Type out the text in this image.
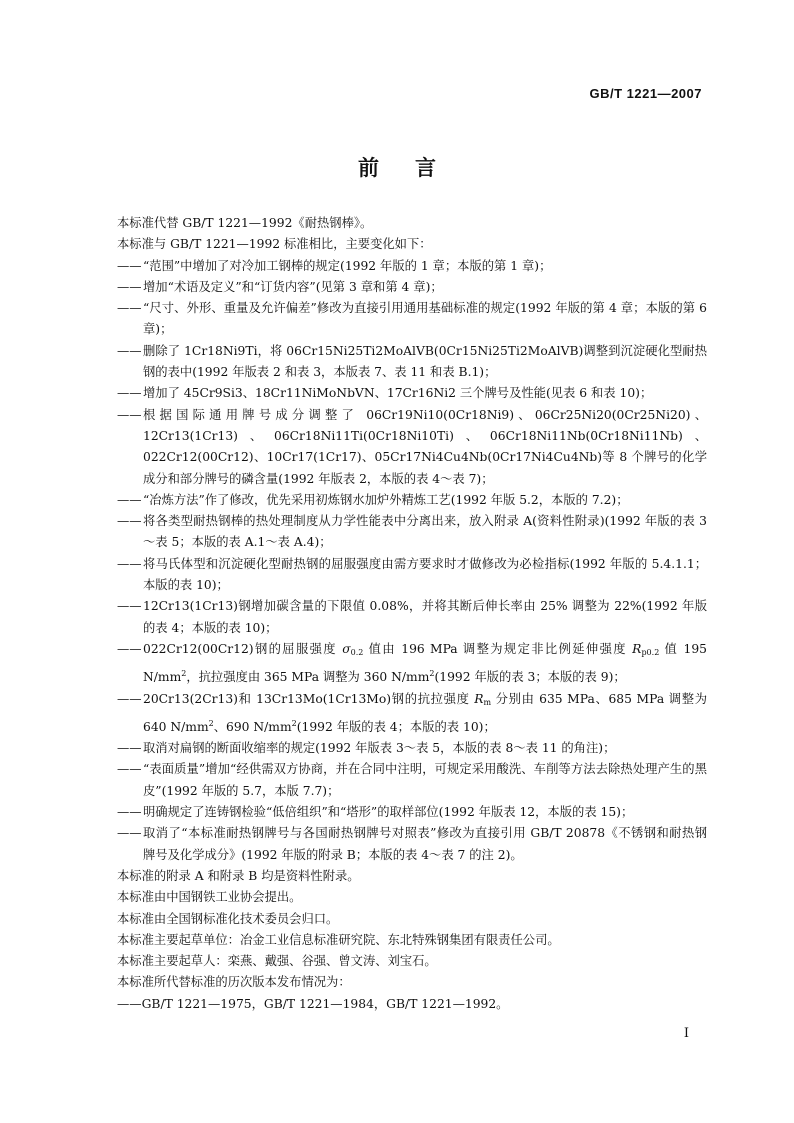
GB/T 1221—2007
前言

本标准代替 GB/T 1221—1992《耐热钢棒》。

本标准与 GB/T 1221—1992 标准相比，主要变化如下：

—— “范围”中增加了对冷加工钢棒的规定(1992 年版的 1 章；本版的第 1 章)；

—— 增加“术语及定义”和“订货内容”(见第 3 章和第 4 章)；

—— “尺寸、外形、重量及允许偏差”修改为直接引用通用基础标准的规定(1992 年版的第 4 章；本版的第 6 章)；

—— 删除了 1Cr18Ni9Ti，将 06Cr15Ni25Ti2MoAlVB(0Cr15Ni25Ti2MoAlVB)调整到沉淀硬化型耐热钢的表中(1992 年版表 2 和表 3，本版表 7、表 11 和表 B.1)；

—— 增加了 45Cr9Si3、18Cr11NiMoNbVN、17Cr16Ni2 三个牌号及性能(见表 6 和表 10)；

—— 根据国际通用牌号成分调整了 06Cr19Ni10(0Cr18Ni9)、06Cr25Ni20(0Cr25Ni20)、12Cr13(1Cr13)、06Cr18Ni11Ti(0Cr18Ni10Ti)、06Cr18Ni11Nb(0Cr18Ni11Nb)、022Cr12(00Cr12)、10Cr17(1Cr17)、05Cr17Ni4Cu4Nb(0Cr17Ni4Cu4Nb)等 8 个牌号的化学成分和部分牌号的磷含量(1992 年版表 2，本版的表 4～表 7)；

—— “冶炼方法”作了修改，优先采用初炼钢水加炉外精炼工艺(1992 年版 5.2，本版的 7.2)；

—— 将各类型耐热钢棒的热处理制度从力学性能表中分离出来，放入附录 A(资料性附录)(1992 年版的表 3～表 5；本版的表 A.1～表 A.4)；

—— 将马氏体型和沉淀硬化型耐热钢的屈服强度由需方要求时才做修改为必检指标(1992 年版的 5.4.1.1；本版的表 10)；

—— 12Cr13(1Cr13)钢增加碳含量的下限值 0.08%，并将其断后伸长率由 25% 调整为 22%(1992 年版的表 4；本版的表 10)；

—— 022Cr12(00Cr12)钢的屈服强度 $\sigma_{0.2}$ 值由 196 MPa 调整为规定非比例延伸强度 $R_{p0.2}$ 值 195 $N/mm^2$，抗拉强度由 365 MPa 调整为 360 $N/mm^2(1992$ 年版的表 3；本版的表 9)；

—— 20Cr13(2Cr13)和 13Cr13Mo(1Cr13Mo)钢的抗拉强度 $R_m$ 分别由 635 MPa、685 MPa 调整为 640 $N/mm^2$、690 $N/mm^2(1992$ 年版的表 4；本版的表 10)；

—— 取消对扁钢的断面收缩率的规定(1992 年版表 3～表 5，本版的表 8～表 11 的角注)；

—— “表面质量”增加“经供需双方协商，并在合同中注明，可规定采用酸洗、车削等方法去除热处理产生的黑皮”(1992 年版的 5.7，本版 7.7)；

—— 明确规定了连铸钢检验“低倍组织”和“塔形”的取样部位(1992 年版表 12，本版的表 15)；

—— 取消了“本标准耐热钢牌号与各国耐热钢牌号对照表”修改为直接引用 GB/T 20878《不锈钢和耐热钢　牌号及化学成分》(1992 年版的附录 B；本版的表 4～表 7 的注 2)。

本标准的附录 A 和附录 B 均是资料性附录。

本标准由中国钢铁工业协会提出。

本标准由全国钢标准化技术委员会归口。

本标准主要起草单位：冶金工业信息标准研究院、东北特殊钢集团有限责任公司。

本标准主要起草人：栾燕、戴强、谷强、曾文涛、刘宝石。

本标准所代替标准的历次版本发布情况为：

——GB/T 1221—1975，GB/T 1221—1984，GB/T 1221—1992。

I
